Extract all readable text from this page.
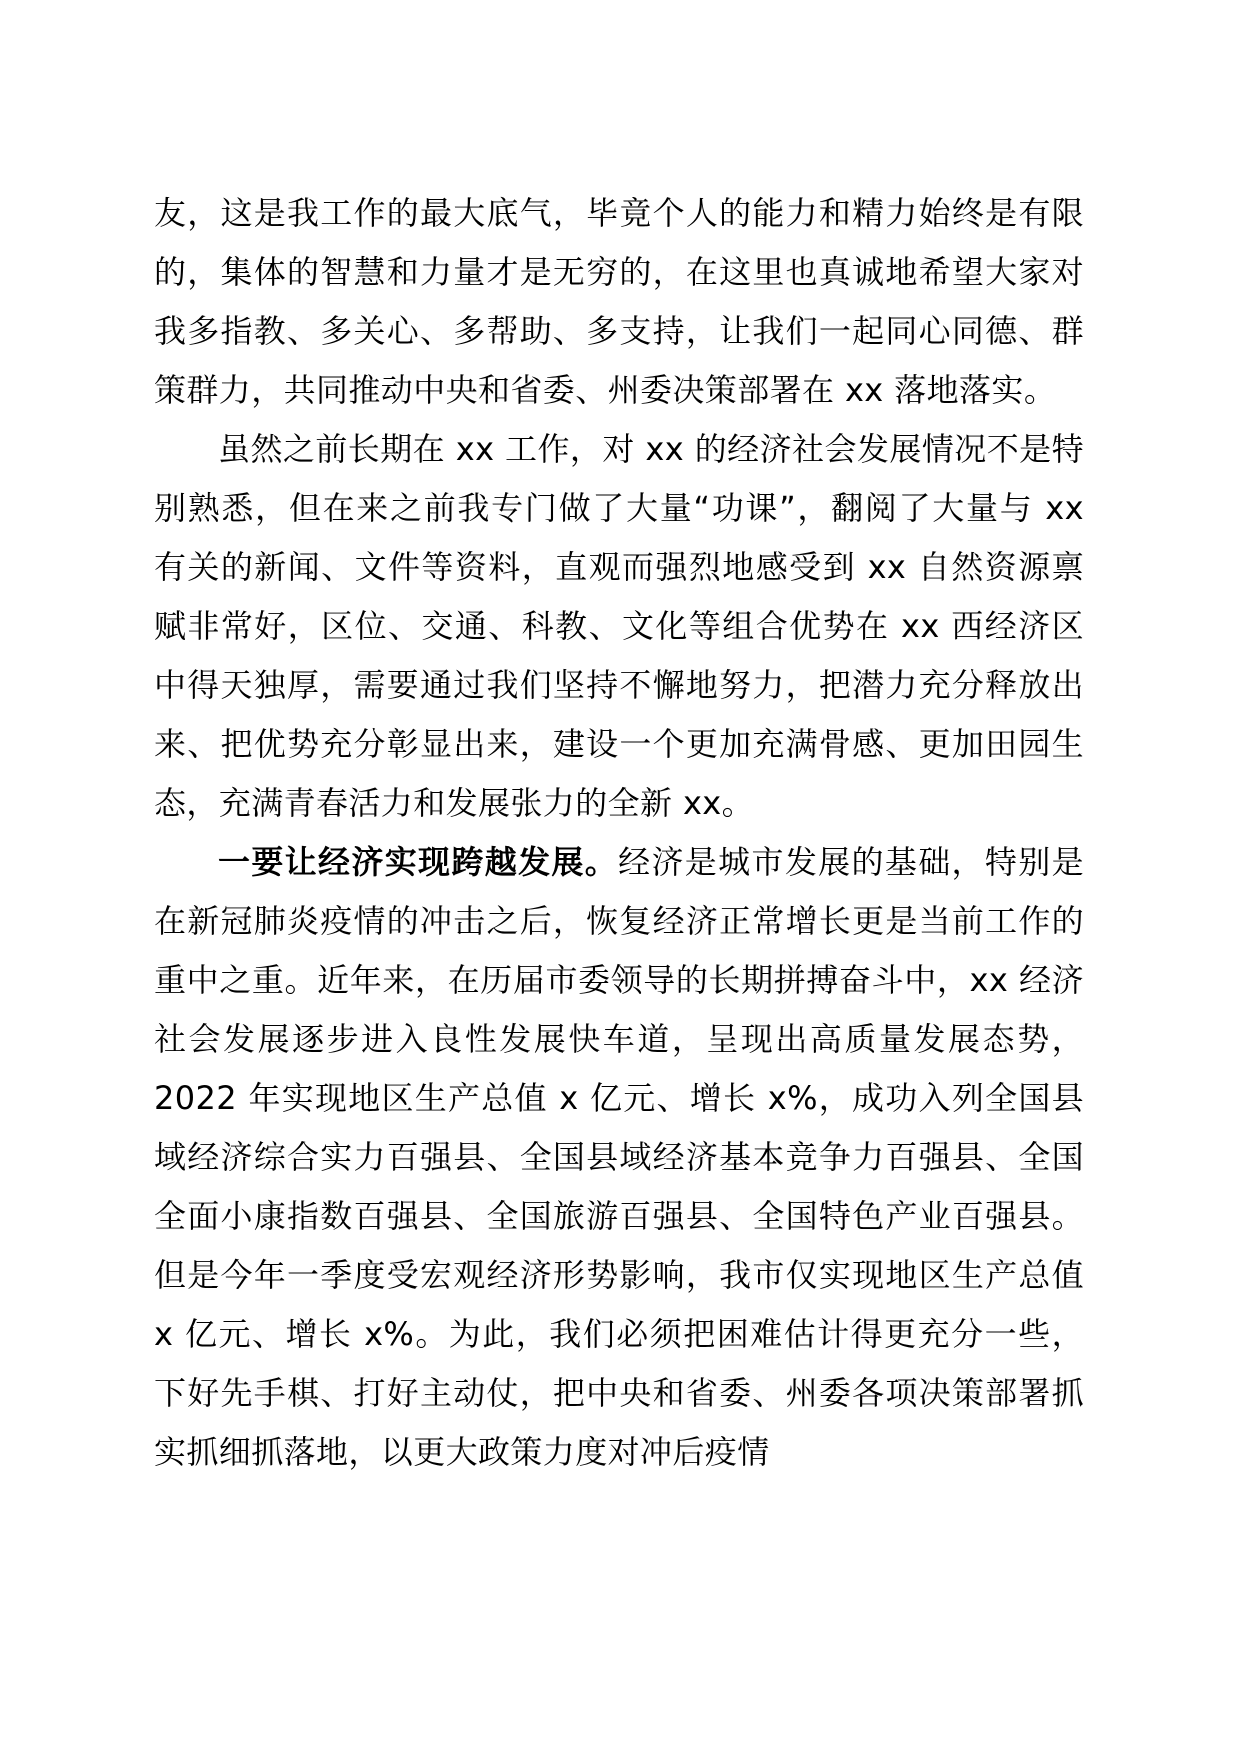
友，这是我工作的最大底气，毕竟个人的能力和精力始终是有限的，集体的智慧和力量才是无穷的，在这里也真诚地希望大家对我多指教、多关心、多帮助、多支持，让我们一起同心同德、群策群力，共同推动中央和省委、州委决策部署在 xx 落地落实。

虽然之前长期在 xx 工作，对 xx 的经济社会发展情况不是特别熟悉，但在来之前我专门做了大量“功课”，翻阅了大量与 xx 有关的新闻、文件等资料，直观而强烈地感受到 xx 自然资源禀赋非常好，区位、交通、科教、文化等组合优势在 xx 西经济区中得天独厚，需要通过我们坚持不懈地努力，把潜力充分释放出来、把优势充分彰显出来，建设一个更加充满骨感、更加田园生态，充满青春活力和发展张力的全新 xx。

一要让经济实现跨越发展。经济是城市发展的基础，特别是在新冠肺炎疫情的冲击之后，恢复经济正常增长更是当前工作的重中之重。近年来，在历届市委领导的长期拼搏奋斗中，xx 经济社会发展逐步进入良性发展快车道，呈现出高质量发展态势，2022 年实现地区生产总值 x 亿元、增长 x%，成功入列全国县域经济综合实力百强县、全国县域经济基本竞争力百强县、全国全面小康指数百强县、全国旅游百强县、全国特色产业百强县。但是今年一季度受宏观经济形势影响，我市仅实现地区生产总值 x 亿元、增长 x%。为此，我们必须把困难估计得更充分一些，下好先手棋、打好主动仗，把中央和省委、州委各项决策部署抓实抓细抓落地，以更大政策力度对冲后疫情
